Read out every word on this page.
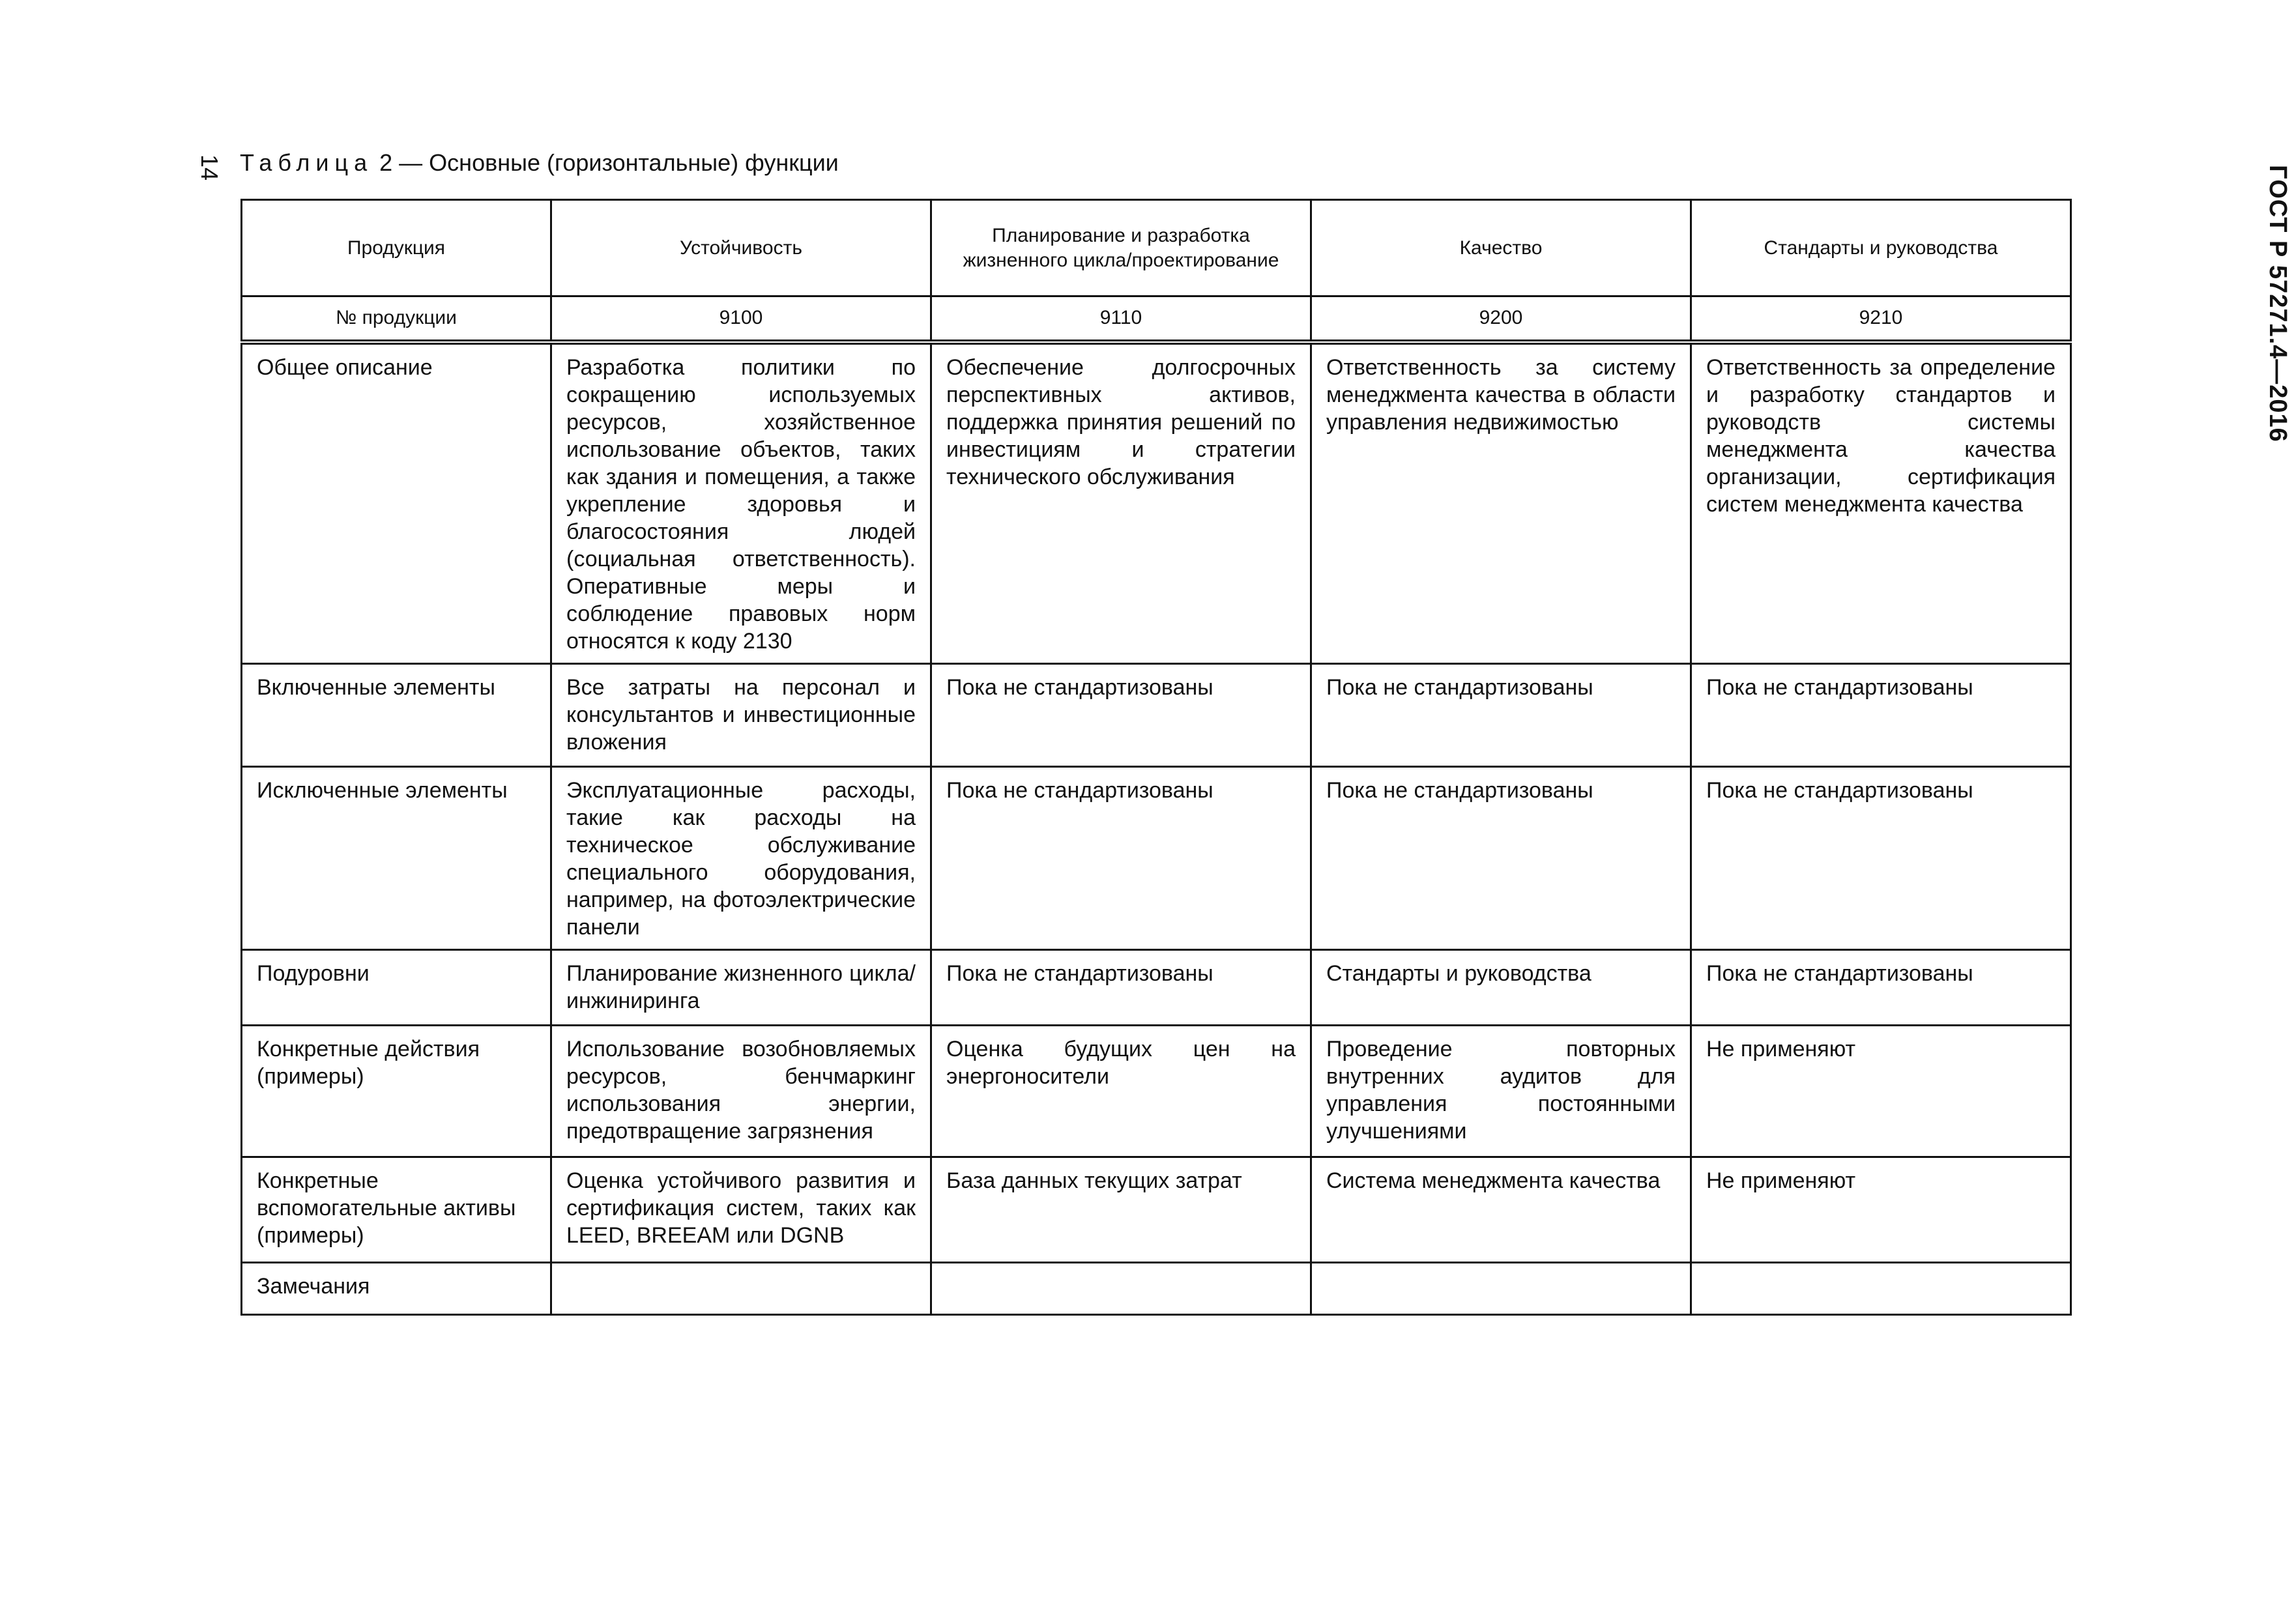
14	ГОСТ Р 57271.4—2016
Таблица 2 — Основные (горизонтальные) функции
Продукция	Устойчивость	Планирование и разработка жизненного цикла/проектирование	Качество	Стандарты и руководства
№ продукции	9100	9110	9200	9210
Общее описание	Разработка политики по сокращению используемых ресурсов, хозяйственное использование объектов, таких как здания и помещения, а также укрепление здоровья и благосостояния людей (социальная ответственность). Оперативные меры и соблюдение правовых норм относятся к коду 2130	Обеспечение долгосрочных перспективных активов, поддержка принятия решений по инвестициям и стратегии технического обслуживания	Ответственность за систему менеджмента качества в области управления недвижимостью	Ответственность за определение и разработку стандартов и руководств системы менеджмента качества организации, сертификация систем менеджмента качества
Включенные элементы	Все затраты на персонал и консультантов и инвестиционные вложения	Пока не стандартизованы	Пока не стандартизованы	Пока не стандартизованы
Исключенные элементы	Эксплуатационные расходы, такие как расходы на техническое обслуживание специального оборудования, например, на фотоэлектрические панели	Пока не стандартизованы	Пока не стандартизованы	Пока не стандартизованы
Подуровни	Планирование жизненного цикла/инжиниринга	Пока не стандартизованы	Стандарты и руководства	Пока не стандартизованы
Конкретные действия (примеры)	Использование возобновляемых ресурсов, бенчмаркинг использования энергии, предотвращение загрязнения	Оценка будущих цен на энергоносители	Проведение повторных внутренних аудитов для управления постоянными улучшениями	Не применяют
Конкретные вспомогательные активы (примеры)	Оценка устойчивого развития и сертификация систем, таких как LEED, BREEAM или DGNB	База данных текущих затрат	Система менеджмента качества	Не применяют
Замечания				
